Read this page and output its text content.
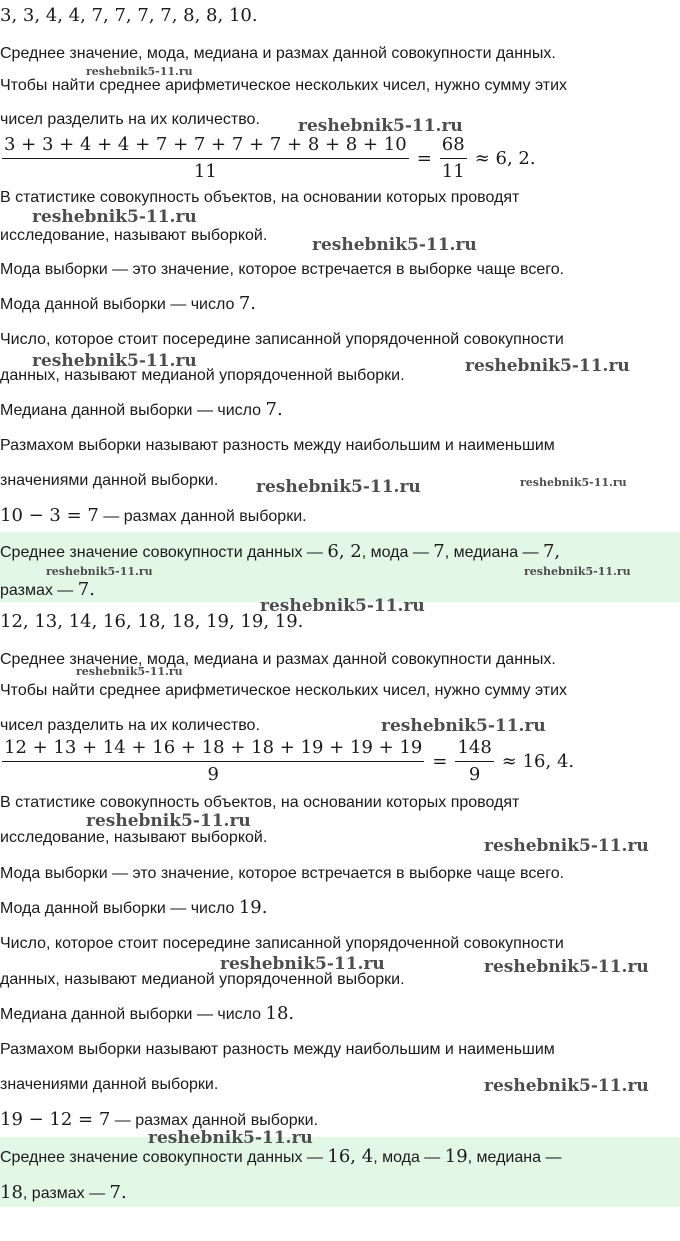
3, 3, 4, 4, 7, 7, 7, 7, 8, 8, 10.
Среднее значение, мода, медиана и размах данной совокупности данных.
Чтобы найти среднее арифметическое нескольких чисел, нужно сумму этих
чисел разделить на их количество.
$\frac{3 + 3 + 4 + 4 + 7 + 7 + 7 + 7 + 8 + 8 + 10}{11} = \frac{68}{11} \approx 6$, 2.
В статистике совокупность объектов, на основании которых проводят
исследование, называют выборкой.
Мода выборки — это значение, которое встречается в выборке чаще всего.
Мода данной выборки — число 7.
Число, которое стоит посередине записанной упорядоченной совокупности
данных, называют медианой упорядоченной выборки.
Медиана данной выборки — число 7.
Размахом выборки называют разность между наибольшим и наименьшим
значениями данной выборки.
10 − 3 = 7 — размах данной выборки.
Среднее значение совокупности данных — 6, 2, мода — 7, медиана — 7,
размах — 7.
12, 13, 14, 16, 18, 18, 19, 19, 19.
Среднее значение, мода, медиана и размах данной совокупности данных.
Чтобы найти среднее арифметическое нескольких чисел, нужно сумму этих
чисел разделить на их количество.
$\frac{12 + 13 + 14 + 16 + 18 + 18 + 19 + 19 + 19}{9} = \frac{148}{9} \approx 16$, 4.
В статистике совокупность объектов, на основании которых проводят
исследование, называют выборкой.
Мода выборки — это значение, которое встречается в выборке чаще всего.
Мода данной выборки — число 19.
Число, которое стоит посередине записанной упорядоченной совокупности
данных, называют медианой упорядоченной выборки.
Медиана данной выборки — число 18.
Размахом выборки называют разность между наибольшим и наименьшим
значениями данной выборки.
19 − 12 = 7 — размах данной выборки.
Среднее значение совокупности данных — 16, 4, мода — 19, медиана —
18, размах — 7.
reshebnik5-11.ru
reshebnik5-11.ru
reshebnik5-11.ru
reshebnik5-11.ru
reshebnik5-11.ru	reshebnik5-11.ru
reshebnik5-11.ru	reshebnik5-11.ru
reshebnik5-11.ru	reshebnik5-11.ru
reshebnik5-11.ru
reshebnik5-11.ru
reshebnik5-11.ru
reshebnik5-11.ru
reshebnik5-11.ru
reshebnik5-11.ru	reshebnik5-11.ru
reshebnik5-11.ru
reshebnik5-11.ru
